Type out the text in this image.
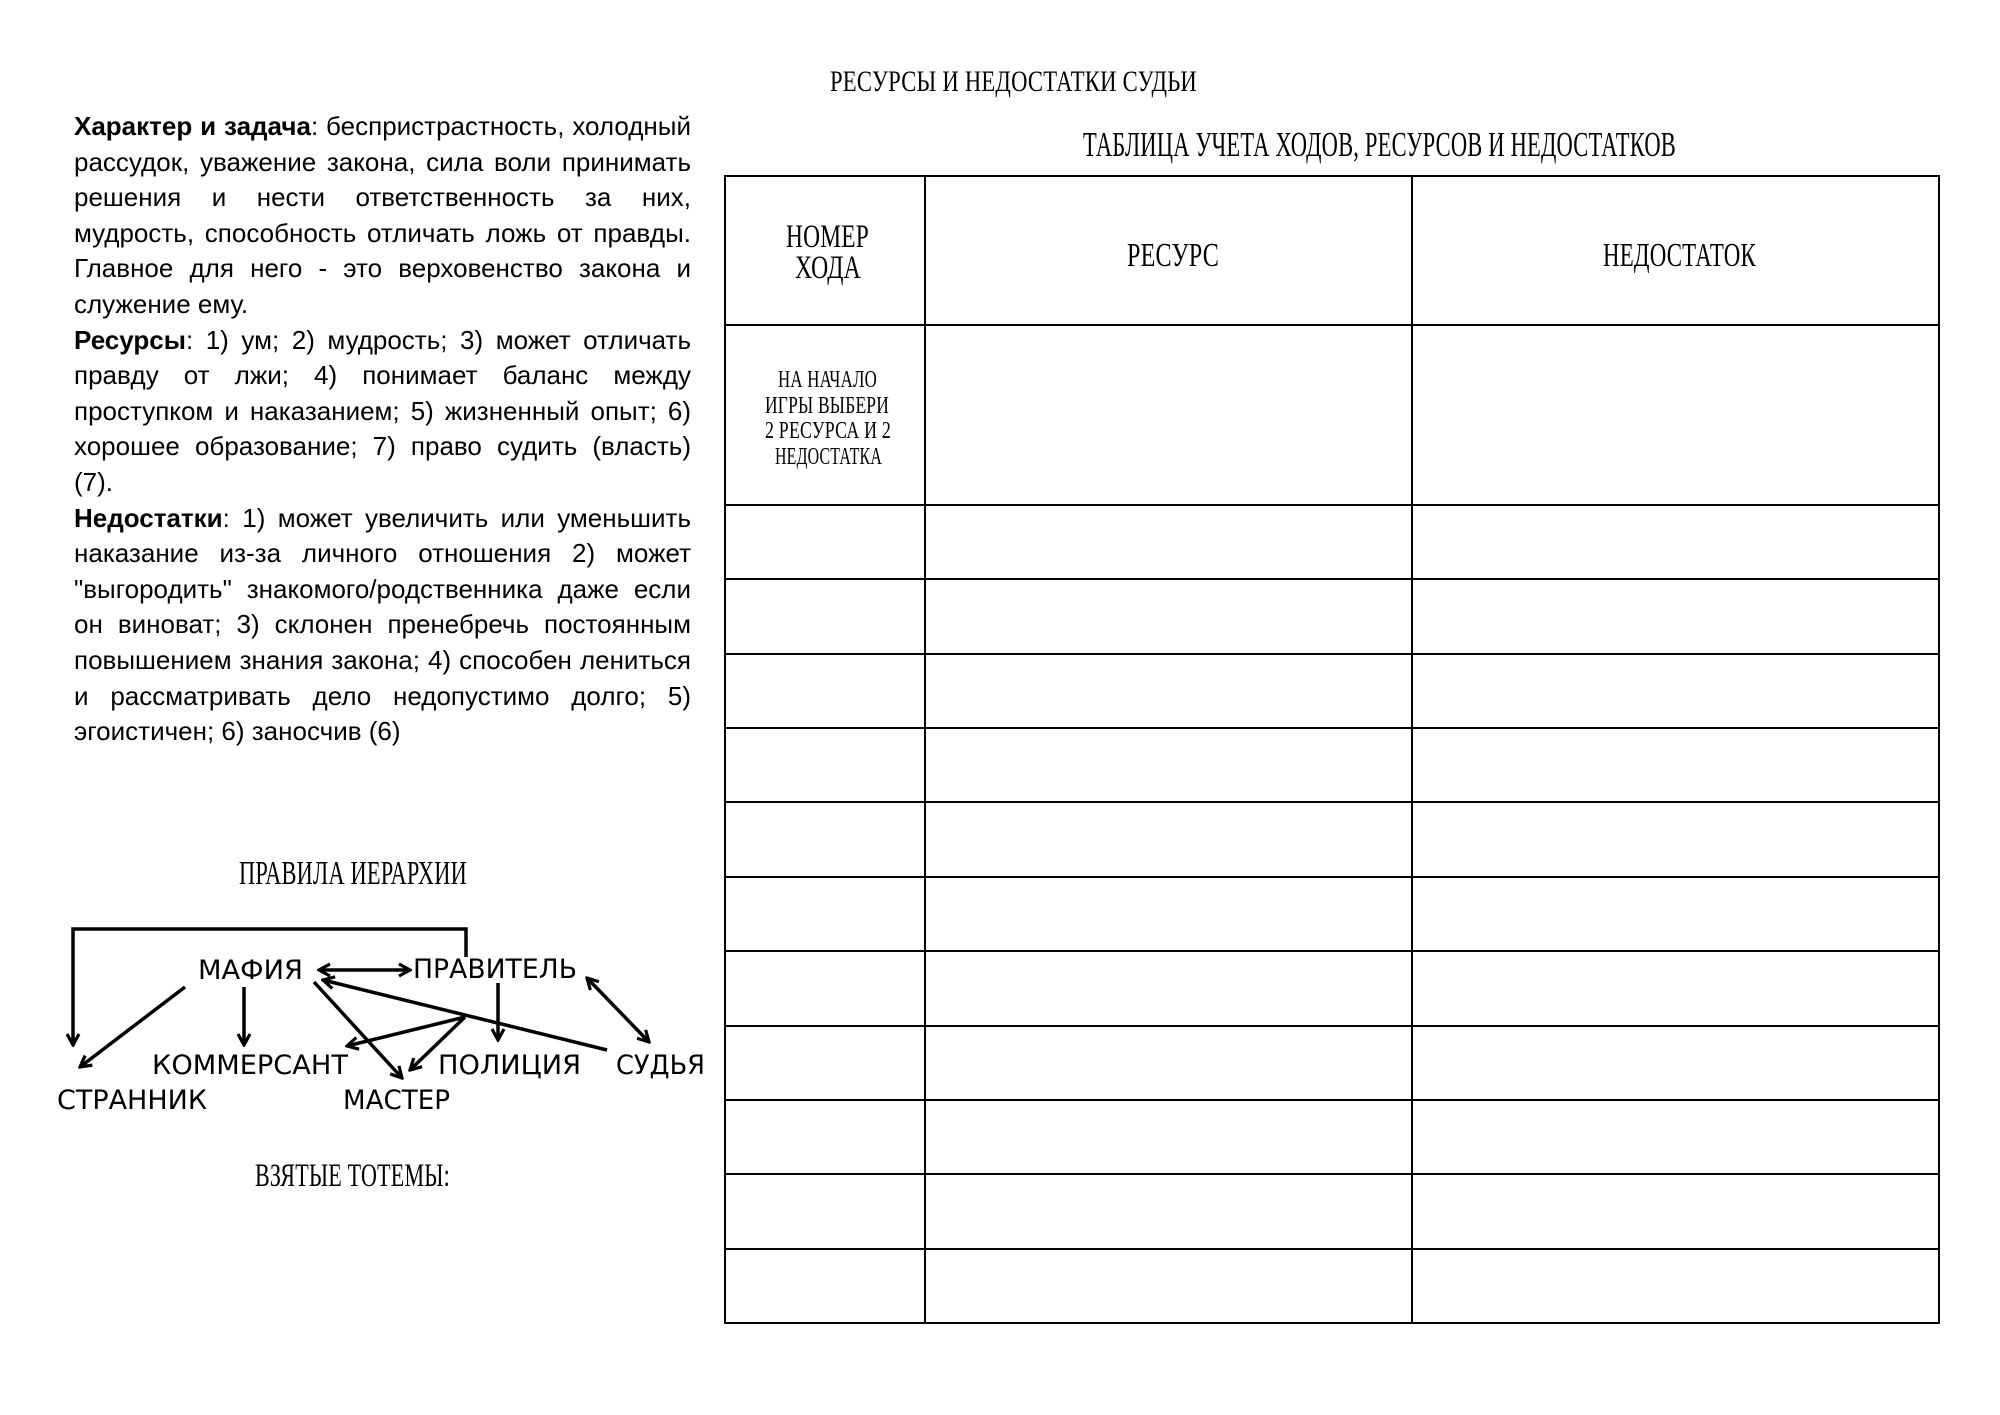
РЕСУРСЫ И НЕДОСТАТКИ СУДЬИ
Характер и задача: беспристрастность, холодный
рассудок, уважение закона, сила воли принимать
решения и нести ответственность за них,
мудрость, способность отличать ложь от правды.
Главное для него - это верховенство закона и
служение ему.
Ресурсы: 1) ум; 2) мудрость; 3) может отличать
правду от лжи; 4) понимает баланс между
проступком и наказанием; 5) жизненный опыт; 6)
хорошее образование; 7) право судить (власть)
(7).
Недостатки: 1) может увеличить или уменьшить
наказание из-за личного отношения 2) может
"выгородить" знакомого/родственника даже если
он виноват; 3) склонен пренебречь постоянным
повышением знания закона; 4) способен лениться
и рассматривать дело недопустимо долго; 5)
эгоистичен; 6) заносчив (6)
ПРАВИЛА ИЕРАРХИИ
МАФИЯ	ПРАВИТЕЛЬ
КОММЕРСАНТ	ПОЛИЦИЯ СУДЬЯ
СТРАННИК	МАСТЕР
ВЗЯТЫЕ ТОТЕМЫ:
ТАБЛИЦА УЧЕТА ХОДОВ, РЕСУРСОВ И НЕДОСТАТКОВ
НОМЕР
ХОДА	РЕСУРС	НЕДОСТАТОК
НА НАЧАЛО
ИГРЫ ВЫБЕРИ
2 РЕСУРСА И 2
НЕДОСТАТКА
